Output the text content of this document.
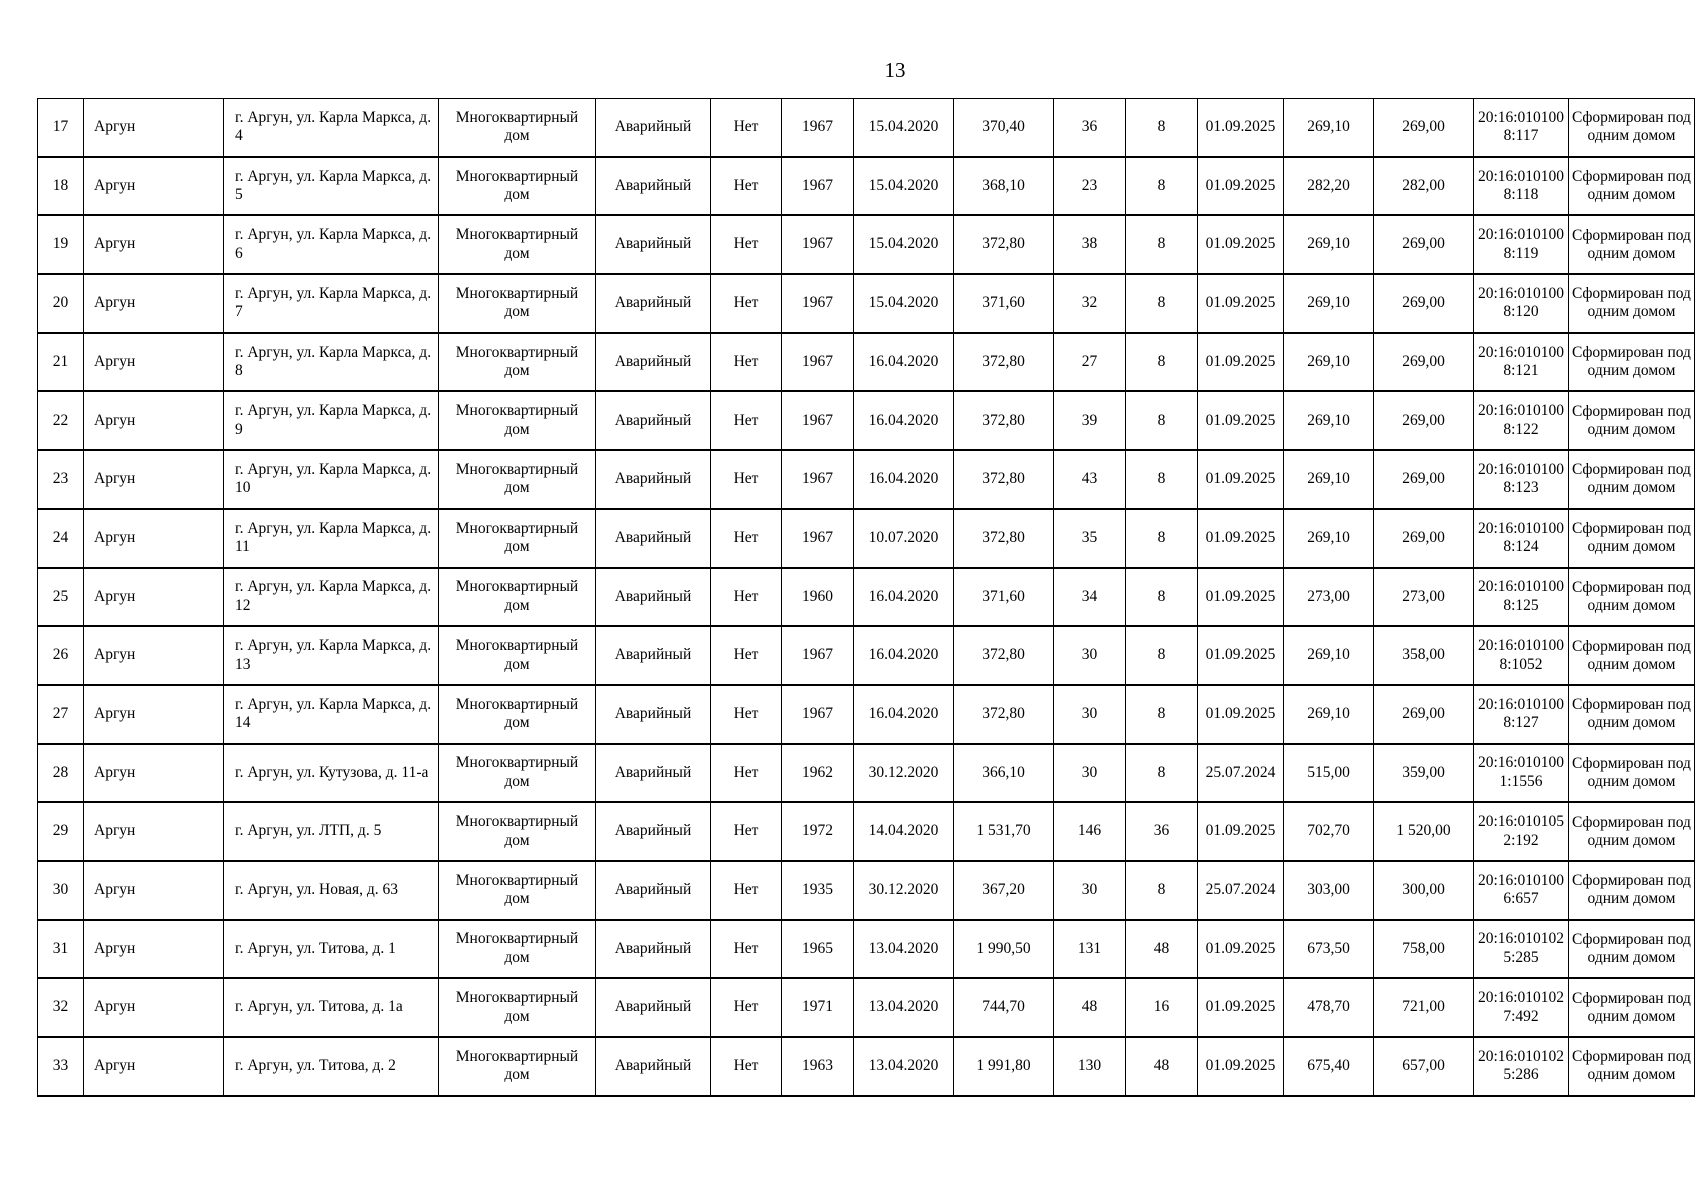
13
17	Аргун	г. Аргун, ул. Карла Маркса, д. 4	Многоквартирный дом	Аварийный	Нет	1967	15.04.2020	370,40	36	8	01.09.2025	269,10	269,00	20:16:0101008:117	Сформирован под одним домом
18	Аргун	г. Аргун, ул. Карла Маркса, д. 5	Многоквартирный дом	Аварийный	Нет	1967	15.04.2020	368,10	23	8	01.09.2025	282,20	282,00	20:16:0101008:118	Сформирован под одним домом
19	Аргун	г. Аргун, ул. Карла Маркса, д. 6	Многоквартирный дом	Аварийный	Нет	1967	15.04.2020	372,80	38	8	01.09.2025	269,10	269,00	20:16:0101008:119	Сформирован под одним домом
20	Аргун	г. Аргун, ул. Карла Маркса, д. 7	Многоквартирный дом	Аварийный	Нет	1967	15.04.2020	371,60	32	8	01.09.2025	269,10	269,00	20:16:0101008:120	Сформирован под одним домом
21	Аргун	г. Аргун, ул. Карла Маркса, д. 8	Многоквартирный дом	Аварийный	Нет	1967	16.04.2020	372,80	27	8	01.09.2025	269,10	269,00	20:16:0101008:121	Сформирован под одним домом
22	Аргун	г. Аргун, ул. Карла Маркса, д. 9	Многоквартирный дом	Аварийный	Нет	1967	16.04.2020	372,80	39	8	01.09.2025	269,10	269,00	20:16:0101008:122	Сформирован под одним домом
23	Аргун	г. Аргун, ул. Карла Маркса, д. 10	Многоквартирный дом	Аварийный	Нет	1967	16.04.2020	372,80	43	8	01.09.2025	269,10	269,00	20:16:0101008:123	Сформирован под одним домом
24	Аргун	г. Аргун, ул. Карла Маркса, д. 11	Многоквартирный дом	Аварийный	Нет	1967	10.07.2020	372,80	35	8	01.09.2025	269,10	269,00	20:16:0101008:124	Сформирован под одним домом
25	Аргун	г. Аргун, ул. Карла Маркса, д. 12	Многоквартирный дом	Аварийный	Нет	1960	16.04.2020	371,60	34	8	01.09.2025	273,00	273,00	20:16:0101008:125	Сформирован под одним домом
26	Аргун	г. Аргун, ул. Карла Маркса, д. 13	Многоквартирный дом	Аварийный	Нет	1967	16.04.2020	372,80	30	8	01.09.2025	269,10	358,00	20:16:0101008:1052	Сформирован под одним домом
27	Аргун	г. Аргун, ул. Карла Маркса, д. 14	Многоквартирный дом	Аварийный	Нет	1967	16.04.2020	372,80	30	8	01.09.2025	269,10	269,00	20:16:0101008:127	Сформирован под одним домом
28	Аргун	г. Аргун, ул. Кутузова, д. 11-а	Многоквартирный дом	Аварийный	Нет	1962	30.12.2020	366,10	30	8	25.07.2024	515,00	359,00	20:16:0101001:1556	Сформирован под одним домом
29	Аргун	г. Аргун, ул. ЛТП, д. 5	Многоквартирный дом	Аварийный	Нет	1972	14.04.2020	1 531,70	146	36	01.09.2025	702,70	1 520,00	20:16:0101052:192	Сформирован под одним домом
30	Аргун	г. Аргун, ул. Новая, д. 63	Многоквартирный дом	Аварийный	Нет	1935	30.12.2020	367,20	30	8	25.07.2024	303,00	300,00	20:16:0101006:657	Сформирован под одним домом
31	Аргун	г. Аргун, ул. Титова, д. 1	Многоквартирный дом	Аварийный	Нет	1965	13.04.2020	1 990,50	131	48	01.09.2025	673,50	758,00	20:16:0101025:285	Сформирован под одним домом
32	Аргун	г. Аргун, ул. Титова, д. 1а	Многоквартирный дом	Аварийный	Нет	1971	13.04.2020	744,70	48	16	01.09.2025	478,70	721,00	20:16:0101027:492	Сформирован под одним домом
33	Аргун	г. Аргун, ул. Титова, д. 2	Многоквартирный дом	Аварийный	Нет	1963	13.04.2020	1 991,80	130	48	01.09.2025	675,40	657,00	20:16:0101025:286	Сформирован под одним домом
